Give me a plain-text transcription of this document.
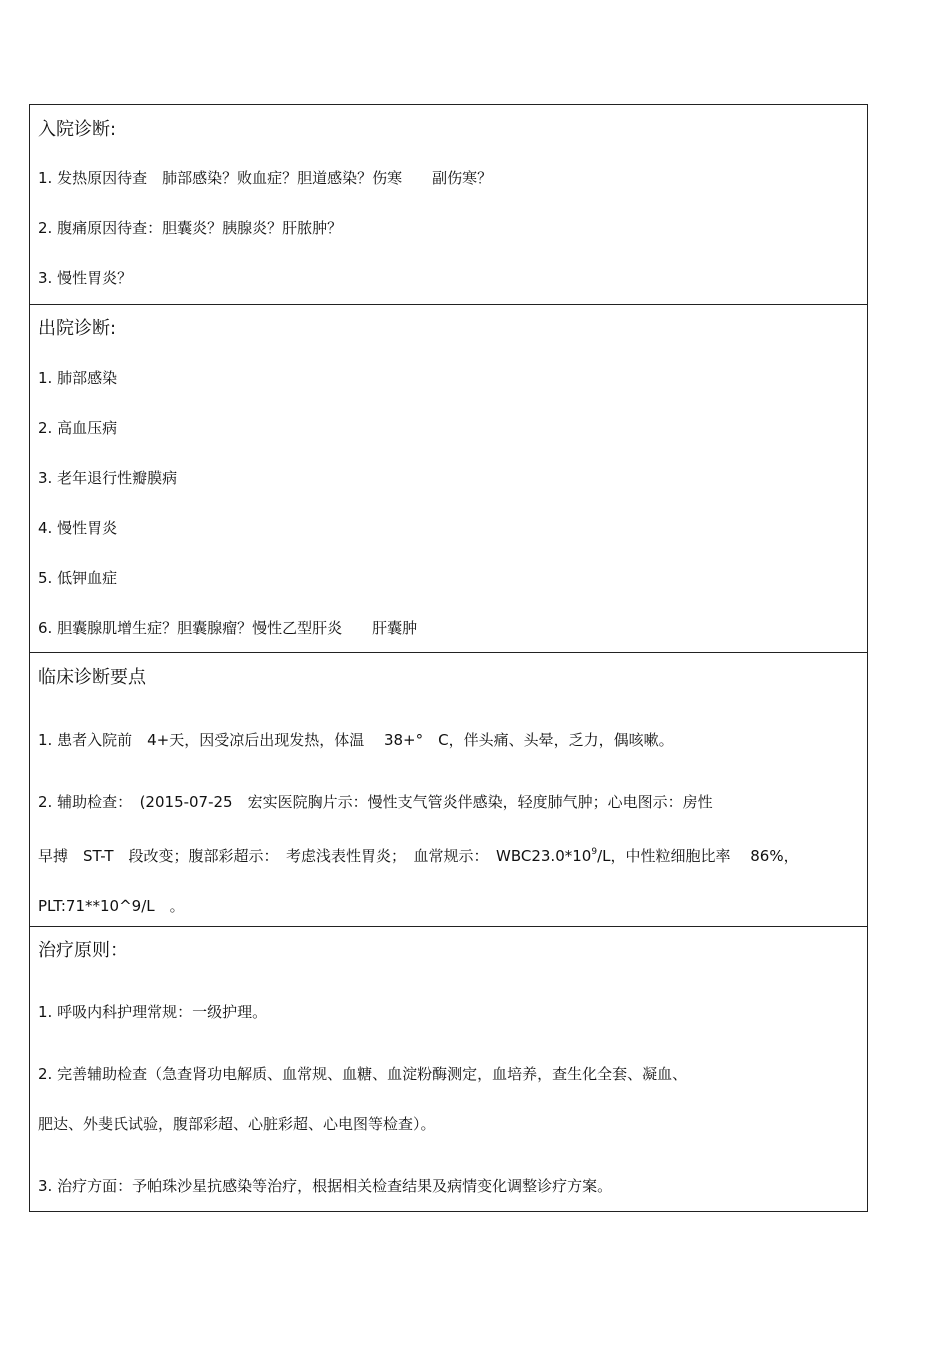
入院诊断:

1. 发热原因待查　肺部感染？败血症？胆道感染？伤寒　　副伤寒？

2. 腹痛原因待查：胆囊炎？胰腺炎？肝脓肿？

3. 慢性胃炎？

出院诊断:

1. 肺部感染

2. 高血压病

3. 老年退行性瓣膜病

4. 慢性胃炎

5. 低钾血症

6. 胆囊腺肌增生症？胆囊腺瘤？慢性乙型肝炎　　肝囊肿

临床诊断要点

1. 患者入院前　4+天，因受凉后出现发热，体温　 38+°　C，伴头痛、头晕，乏力，偶咳嗽。

2. 辅助检查：　(2015-07-25　宏实医院胸片示：慢性支气管炎伴感染，轻度肺气肿；心电图示：房性

早搏　ST-T　段改变；腹部彩超示：　考虑浅表性胃炎；　血常规示：　$WBC23.0*10^9/L$，中性粒细胞比率　 86%，

PLT:71**10^9/L　。

治疗原则：

1. 呼吸内科护理常规：一级护理。

2. 完善辅助检查（急查肾功电解质、血常规、血糖、血淀粉酶测定，血培养，查生化全套、凝血、

肥达、外斐氏试验，腹部彩超、心脏彩超、心电图等检查）。

3. 治疗方面：予帕珠沙星抗感染等治疗，根据相关检查结果及病情变化调整诊疗方案。
